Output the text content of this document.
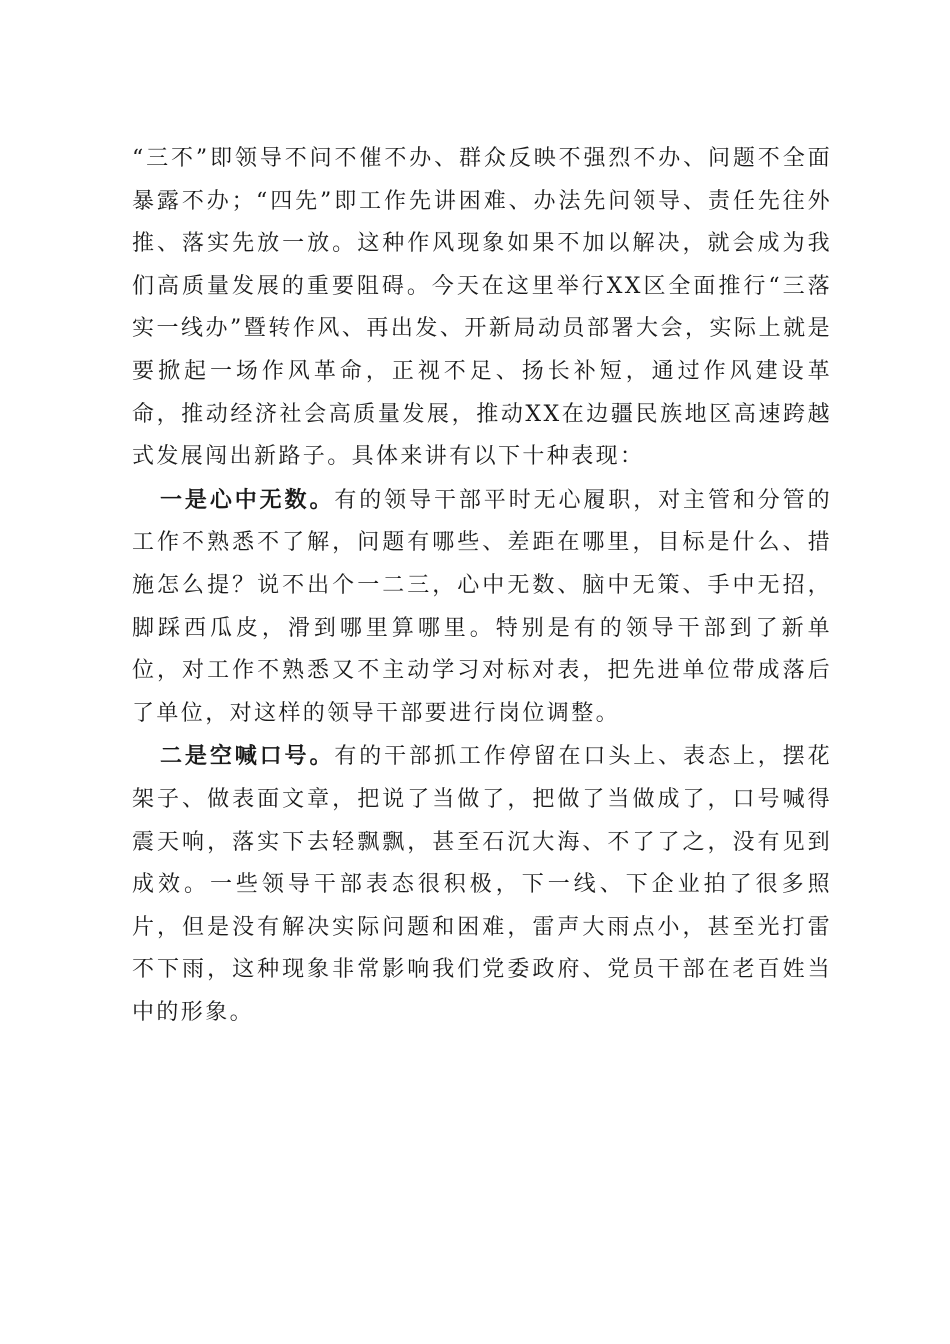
“三不”即领导不问不催不办、群众反映不强烈不办、问题不全面暴露不办；“四先”即工作先讲困难、办法先问领导、责任先往外推、落实先放一放。这种作风现象如果不加以解决，就会成为我们高质量发展的重要阻碍。今天在这里举行XX区全面推行“三落实一线办”暨转作风、再出发、开新局动员部署大会，实际上就是要掀起一场作风革命，正视不足、扬长补短，通过作风建设革命，推动经济社会高质量发展，推动XX在边疆民族地区高速跨越式发展闯出新路子。具体来讲有以下十种表现：

一是心中无数。有的领导干部平时无心履职，对主管和分管的工作不熟悉不了解，问题有哪些、差距在哪里，目标是什么、措施怎么提？说不出个一二三，心中无数、脑中无策、手中无招，脚踩西瓜皮，滑到哪里算哪里。特别是有的领导干部到了新单位，对工作不熟悉又不主动学习对标对表，把先进单位带成落后了单位，对这样的领导干部要进行岗位调整。

二是空喊口号。有的干部抓工作停留在口头上、表态上，摆花架子、做表面文章，把说了当做了，把做了当做成了，口号喊得震天响，落实下去轻飘飘，甚至石沉大海、不了了之，没有见到成效。一些领导干部表态很积极，下一线、下企业拍了很多照片，但是没有解决实际问题和困难，雷声大雨点小，甚至光打雷不下雨，这种现象非常影响我们党委政府、党员干部在老百姓当中的形象。
